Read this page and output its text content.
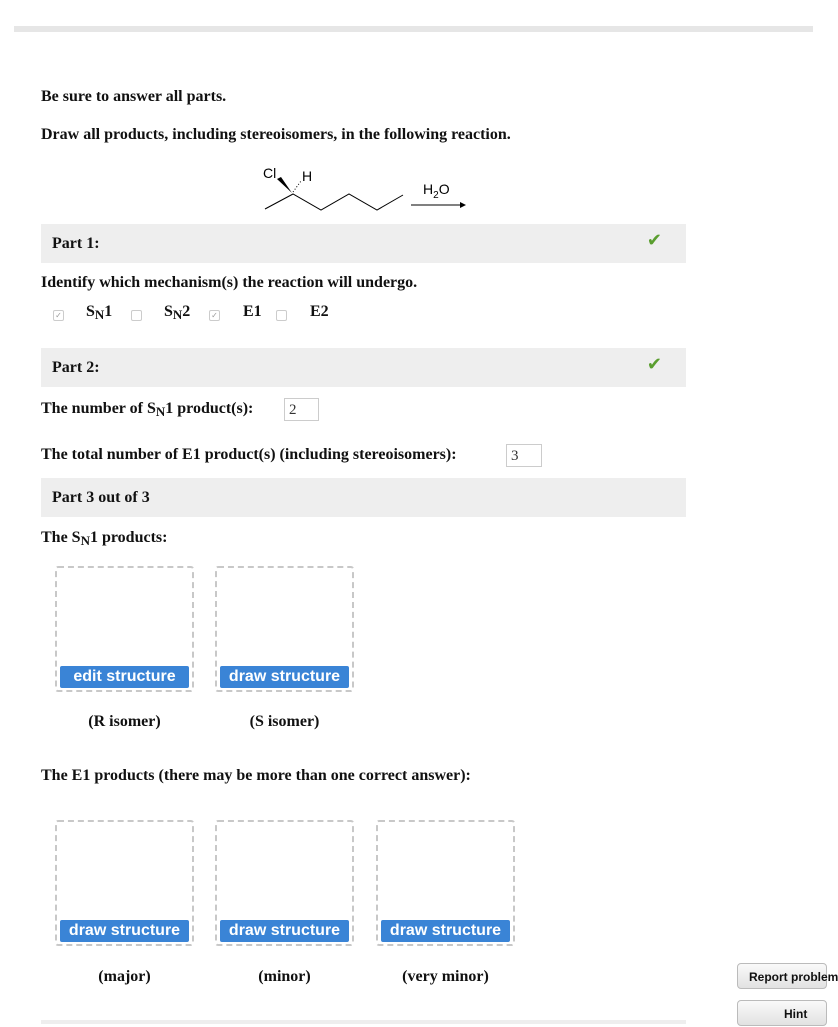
Be sure to answer all parts.
Draw all products, including stereoisomers, in the following reaction.
Cl H
$H_2O$
Part 1:	✔
Identify which mechanism(s) the reaction will undergo.
✓ SN1	SN2	✓ E1	E2
Part 2:	✔
The number of SN1 product(s):	2
The total number of E1 product(s) (including stereoisomers):	3
Part 3 out of 3
The SN1 products:
edit structure	draw structure
(R isomer)	(S isomer)
The E1 products (there may be more than one correct answer):
draw structure	draw structure	draw structure
(major)	(minor)	(very minor)	Report problem
Hint
